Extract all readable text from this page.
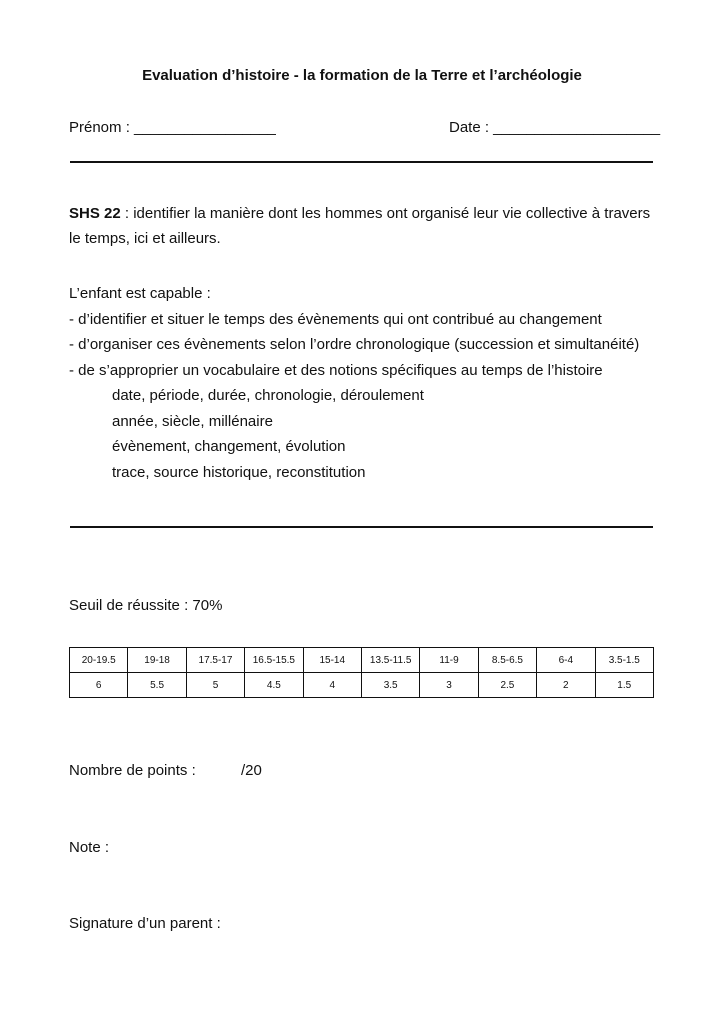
Evaluation d’histoire - la formation de la Terre et l’archéologie
Prénom : _________________	Date : ____________________
SHS 22 : identifier la manière dont les hommes ont organisé leur vie collective à travers le temps, ici et ailleurs.
L’enfant est capable :
- d’identifier et situer le temps des évènements qui ont contribué au changement
- d’organiser ces évènements selon l’ordre chronologique (succession et simultanéité)
- de s’approprier un vocabulaire et des notions spécifiques au temps de l’histoire
date, période, durée, chronologie, déroulement
année, siècle, millénaire
évènement, changement, évolution
trace, source historique, reconstitution
Seuil de réussite : 70%
20-19.5	19-18	17.5-17	16.5-15.5	15-14	13.5-11.5	11-9	8.5-6.5	6-4	3.5-1.5
6	5.5	5	4.5	4	3.5	3	2.5	2	1.5
Nombre de points :	/20
Note :
Signature d’un parent :
